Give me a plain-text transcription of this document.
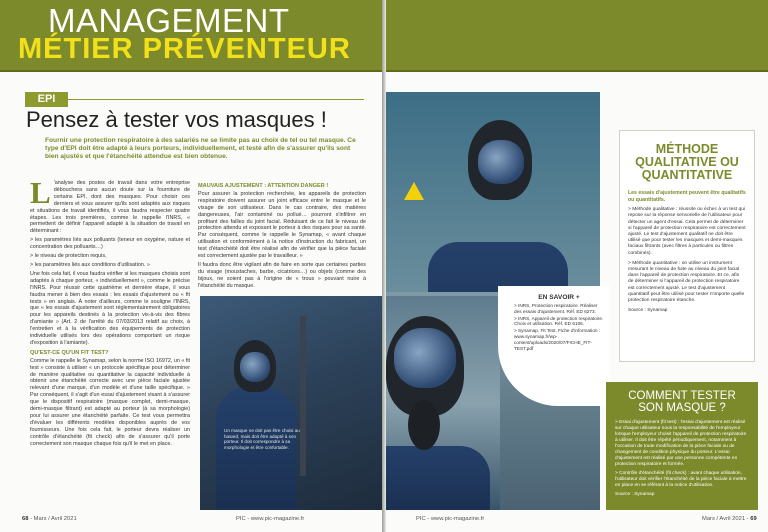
MANAGEMENT
MÉTIER PRÉVENTEUR
EPI
Pensez à tester vos masques !
Fournir une protection respiratoire à des salariés ne se limite pas au choix de tel ou tel masque. Ce type d'EPI doit être adapté à leurs porteurs, individuellement, et testé afin de s'assurer qu'ils sont bien ajustés et que l'étanchéité attendue est bien obtenue.
L 'analyse des postes de travail dans votre entreprise débouchera sans aucun doute sur la fourniture de certains EPI, dont des masques. Pour choisir ces derniers et vous assurer qu'ils sont adaptés aux risques et situations de travail identifiés, il vous faudra respecter quatre étapes. Les trois premières, comme le rappelle l'INRS, « permettent de définir l'appareil adapté à la situation de travail en déterminant :

> les paramètres liés aux polluants (teneur en oxygène, nature et concentration des polluants…)

> le niveau de protection requis,

> les paramètres liés aux conditions d'utilisation. »

Une fois cela fait, il vous faudra vérifier si les masques choisis sont adaptés à chaque porteur, « individuellement », comme le précise l'INRS. Pour réussir cette quatrième et dernière étape, il vous faudra mener à bien des essais : les essais d'ajustement ou « fit tests » en anglais. À noter d'ailleurs, comme le souligne l'INRS, que « les essais d'ajustement sont réglementairement obligatoires pour les appareils destinés à la protection vis-à-vis des fibres d'amiante » (Art. 2 de l'arrêté du 07/03/2013 relatif au choix, à l'entretien et à la vérification des équipements de protection individuelle utilisés lors des opérations comportant un risque d'exposition à l'amiante).

QU'EST-CE QU'UN FIT TEST?

Comme le rappelle le Synamap, selon la norme ISO 16972, un « fit test » consiste à utiliser « un protocole spécifique pour déterminer de manière qualitative ou quantitative la capacité individuelle à obtenir une étanchéité correcte avec une pièce faciale ajustée relevant d'une marque, d'un modèle et d'une taille spécifique. » Par conséquent, il s'agit d'un essai d'ajustement visant à s'assurer que le dispositif respiratoire (masque complet, demi-masque, demi-masque filtrant) est adapté au porteur (à sa morphologie) pour lui assurer une étanchéité parfaite. Ce test vous permettra d'évaluer les différents modèles disponibles auprès de vos fournisseurs. Une fois cela fait, le porteur devra réaliser un contrôle d'étanchéité (fit check) afin de s'assurer qu'il porte correctement son masque chaque fois qu'il le met en place.

MAUVAIS AJUSTEMENT : ATTENTION DANGER !

Pour assurer la protection recherchée, les appareils de protection respiratoire doivent assurer un joint efficace entre le masque et le visage de son utilisateur. Dans le cas contraire, des matières dangereuses, l'air contaminé ou pollué… pourront s'infiltrer en profitant des failles du joint facial. Réduisant de ce fait le niveau de protection attendu et exposant le porteur à des risques pour sa santé. Par conséquent, comme le rappelle le Synamap, « avant chaque utilisation et conformément à la notice d'instruction du fabricant, un test d'étanchéité doit être réalisé afin de vérifier que la pièce faciale est correctement ajustée par le travailleur. »

Il faudra donc être vigilant afin de faire en sorte que certaines parties du visage (moustaches, barbe, cicatrices…) ou objets (comme des bijoux, ne soient pas à l'origine de « trous » pouvant nuire à l'étanchéité du masque.

Un masque ne doit pas être choisi au hasard, mais doit être adapté à son porteur. Il doit correspondre à sa morphologie et être confortable.
68 - Mars / Avril 2021	PIC - www.pic-magazine.fr
EN SAVOIR +

> INRS, Protection respiratoire. Réaliser des essais d'ajustement. Réf. ED 6273.

> INRS, Appareil de protection respiratoire. Choix et utilisation. Réf. ED 6106.

> Synamap, Fit Test. Fiche d'information : www.synamap.fr/wp-content/uploads/2020/07/FICHE_FIT-TEST.pdf

MÉTHODE QUALITATIVE OU QUANTITATIVE
Les essais d'ajustement peuvent être qualitatifs ou quantitatifs.
> Méthode qualitative : réussite ou échec à un test qui repose sur la réponse sensorielle de l'utilisateur pour détecter un agent d'essai. Cela permet de déterminer si l'appareil de protection respiratoire est correctement ajusté. Le test d'ajustement qualitatif ne doit être utilisé que pour tester les masques et demi-masques faciaux filtrants (avec filtres à particules ou filtres combinés).
> Méthode quantitative : on utilise un instrument mesurant le niveau de fuite au niveau du joint facial dans l'appareil de protection respiratoire. Et ce, afin de déterminer si l'appareil de protection respiratoire est correctement ajusté. Le test d'ajustement quantitatif peut être utilisé pour tester n'importe quelle protection respiratoire étanche.
Source : Synamap
COMMENT TESTER SON MASQUE ?

> Essai d'ajustement (fit test) : l'essai d'ajustement est réalisé sur chaque utilisateur sous la responsabilité de l'employeur lorsque l'employeur choisit l'appareil de protection respiratoire à utiliser. Il doit être répété périodiquement, notamment à l'occasion de toute modification de la pièce faciale ou de changement de condition physique du porteur. L'essai d'ajustement est réalisé par une personne compétente en protection respiratoire et formée.

> Contrôle d'étanchéité (fit check) : avant chaque utilisation, l'utilisateur doit vérifier l'étanchéité de la pièce faciale à mettre en place en se référant à la notice d'utilisation.

Source : Synamap

PIC - www.pic-magazine.fr	Mars / Avril 2021 - 69
